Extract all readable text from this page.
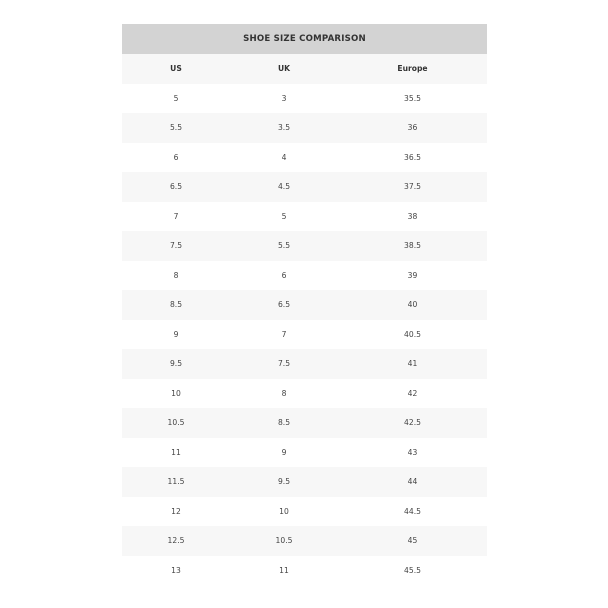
SHOE SIZE COMPARISON		
US	UK	Europe
5	3	35.5
5.5	3.5	36
6	4	36.5
6.5	4.5	37.5
7	5	38
7.5	5.5	38.5
8	6	39
8.5	6.5	40
9	7	40.5
9.5	7.5	41
10	8	42
10.5	8.5	42.5
11	9	43
11.5	9.5	44
12	10	44.5
12.5	10.5	45
13	11	45.5
